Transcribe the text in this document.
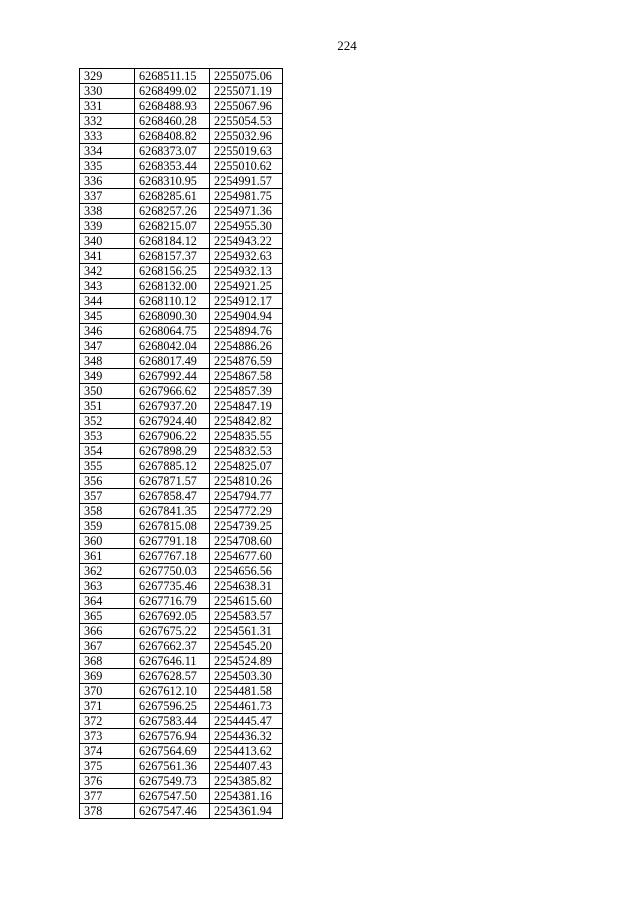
224
329	6268511.15	2255075.06
330	6268499.02	2255071.19
331	6268488.93	2255067.96
332	6268460.28	2255054.53
333	6268408.82	2255032.96
334	6268373.07	2255019.63
335	6268353.44	2255010.62
336	6268310.95	2254991.57
337	6268285.61	2254981.75
338	6268257.26	2254971.36
339	6268215.07	2254955.30
340	6268184.12	2254943.22
341	6268157.37	2254932.63
342	6268156.25	2254932.13
343	6268132.00	2254921.25
344	6268110.12	2254912.17
345	6268090.30	2254904.94
346	6268064.75	2254894.76
347	6268042.04	2254886.26
348	6268017.49	2254876.59
349	6267992.44	2254867.58
350	6267966.62	2254857.39
351	6267937.20	2254847.19
352	6267924.40	2254842.82
353	6267906.22	2254835.55
354	6267898.29	2254832.53
355	6267885.12	2254825.07
356	6267871.57	2254810.26
357	6267858.47	2254794.77
358	6267841.35	2254772.29
359	6267815.08	2254739.25
360	6267791.18	2254708.60
361	6267767.18	2254677.60
362	6267750.03	2254656.56
363	6267735.46	2254638.31
364	6267716.79	2254615.60
365	6267692.05	2254583.57
366	6267675.22	2254561.31
367	6267662.37	2254545.20
368	6267646.11	2254524.89
369	6267628.57	2254503.30
370	6267612.10	2254481.58
371	6267596.25	2254461.73
372	6267583.44	2254445.47
373	6267576.94	2254436.32
374	6267564.69	2254413.62
375	6267561.36	2254407.43
376	6267549.73	2254385.82
377	6267547.50	2254381.16
378	6267547.46	2254361.94
